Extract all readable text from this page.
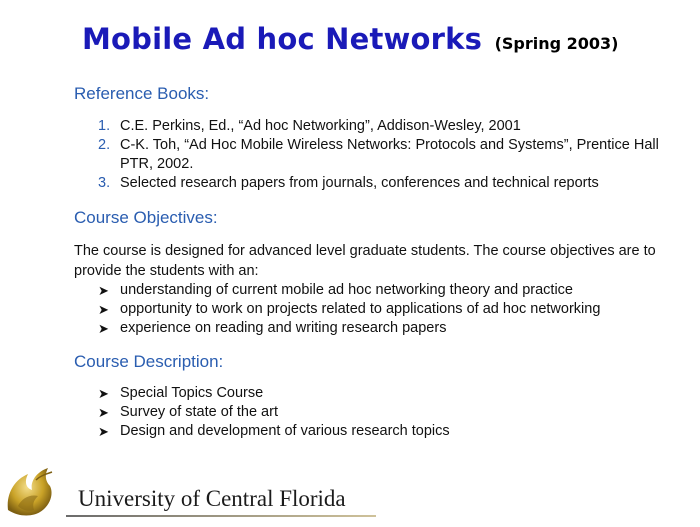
Mobile Ad hoc Networks (Spring 2003)
Reference Books:
1. C.E. Perkins, Ed., “Ad hoc Networking”, Addison-Wesley, 2001
2. C-K. Toh, “Ad Hoc Mobile Wireless Networks: Protocols and Systems”, Prentice Hall PTR, 2002.
3. Selected research papers from journals, conferences and technical reports
Course Objectives:
The course is designed for advanced level graduate students. The course objectives are to provide the students with an:
➤ understanding of current mobile ad hoc networking theory and practice
➤ opportunity to work on projects related to applications of ad hoc networking
➤ experience on reading and writing research papers
Course Description:
➤ Special Topics Course
➤ Survey of state of the art
➤ Design and development of various research topics
University of Central Florida
